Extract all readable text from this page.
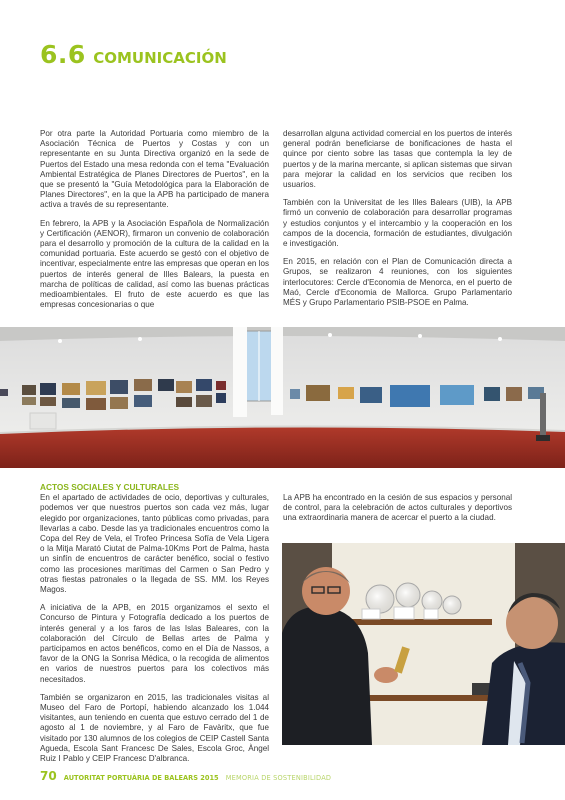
6.6 COMUNICACIÓN

Por otra parte la Autoridad Portuaria como miembro de la Asociación Técnica de Puertos y Costas y con un representante en su Junta Directiva organizó en la sede de Puertos del Estado una mesa redonda con el tema "Evaluación Ambiental Estratégica de Planes Directores de Puertos", en la que se presentó la "Guía Metodológica para la Elaboración de Planes Directores", en la que la APB ha participado de manera activa a través de su representante.

En febrero, la APB y la Asociación Española de Normalización y Certificación (AENOR), firmaron un convenio de colaboración para el desarrollo y promoción de la cultura de la calidad en la comunidad portuaria. Este acuerdo se gestó con el objetivo de incentivar, especialmente entre las empresas que operan en los puertos de interés general de Illes Balears, la puesta en marcha de políticas de calidad, así como las buenas prácticas medioambientales. El fruto de este acuerdo es que las empresas concesionarias o que

desarrollan alguna actividad comercial en los puertos de interés general podrán beneficiarse de bonificaciones de hasta el quince por ciento sobre las tasas que contempla la ley de puertos y de la marina mercante, si aplican sistemas que sirvan para mejorar la calidad en los servicios que reciben los usuarios.

También con la Universitat de les Illes Balears (UIB), la APB firmó un convenio de colaboración para desarrollar programas y estudios conjuntos y el intercambio y la cooperación en los campos de la docencia, formación de estudiantes, divulgación e investigación.

En 2015, en relación con el Plan de Comunicación directa a Grupos, se realizaron 4 reuniones, con los siguientes interlocutores: Cercle d'Economia de Menorca, en el puerto de Maó, Cercle d'Economia de Mallorca. Grupo Parlamentario MÉS y Grupo Parlamentario PSIB-PSOE en Palma.

ACTOS SOCIALES Y CULTURALES

En el apartado de actividades de ocio, deportivas y culturales, podemos ver que nuestros puertos son cada vez más, lugar elegido por organizaciones, tanto públicas como privadas, para llevarlas a cabo. Desde las ya tradicionales encuentros como la Copa del Rey de Vela, el Trofeo Princesa Sofía de Vela Ligera o la Mitja Marató Ciutat de Palma-10Kms Port de Palma, hasta un sinfín de encuentros de carácter benéfico, social o festivo como las procesiones marítimas del Carmen o San Pedro y otras fiestas patronales o la llegada de SS. MM. los Reyes Magos.

A iniciativa de la APB, en 2015 organizamos el sexto el Concurso de Pintura y Fotografía dedicado a los puertos de interés general y a los faros de las Islas Baleares, con la colaboración del Círculo de Bellas artes de Palma y participamos en actos benéficos, como en el Día de Nassos, a favor de la ONG la Sonrisa Médica, o la recogida de alimentos en varios de nuestros puertos para los colectivos más necesitados.

También se organizaron en 2015, las tradicionales visitas al Museo del Faro de Portopí, habiendo alcanzado los 1.044 visitantes, aun teniendo en cuenta que estuvo cerrado del 1 de agosto al 1 de noviembre, y al Faro de Favàritx, que fue visitado por 130 alumnos de los colegios de CEIP Castell Santa Agueda, Escola Sant Francesc De Sales, Escola Groc, Àngel Ruiz I Pablo y CEIP Francesc D'albranca.

La APB ha encontrado en la cesión de sus espacios y personal de control, para la celebración de actos culturales y deportivos una extraordinaria manera de acercar el puerto a la ciudad.

70 AUTORITAT PORTUÀRIA DE BALEARS 2015 MEMORIA DE SOSTENIBILIDAD
